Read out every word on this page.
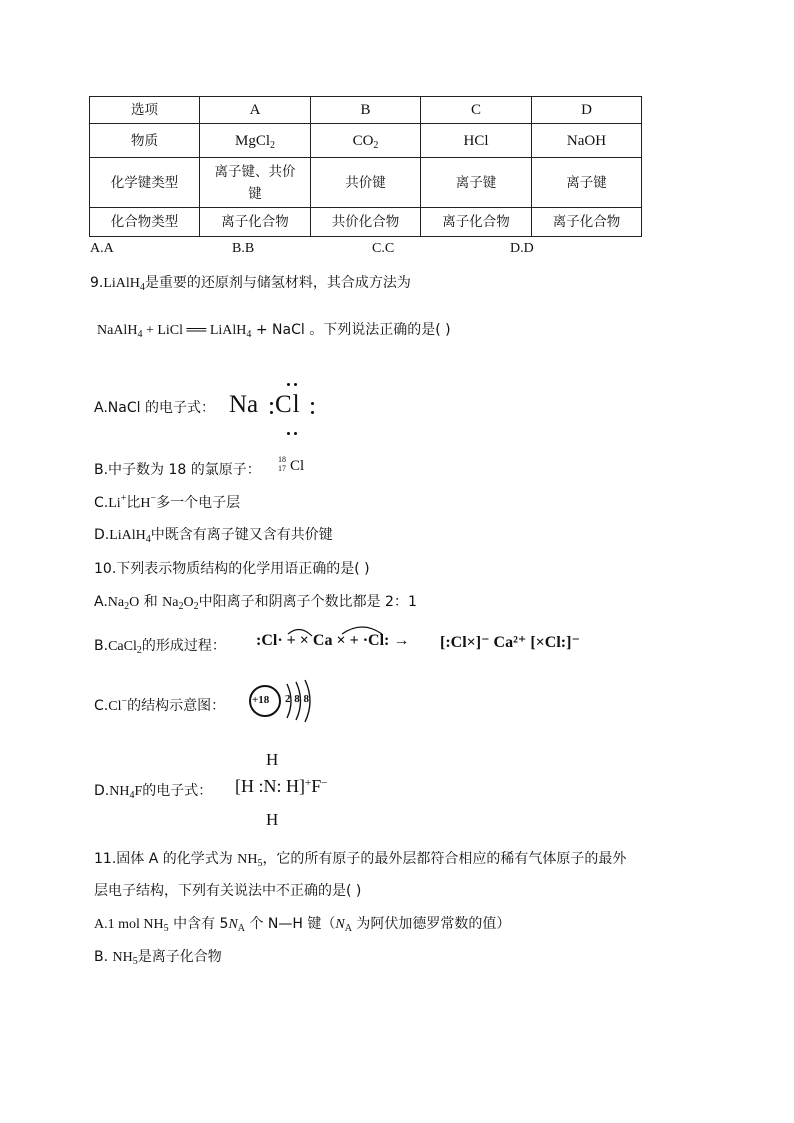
选项	A	B	C	D
物质	MgCl$_2$	$CO_2$	HCl	NaOH
化学键类型	离子键、共价键	共价键	离子键	离子键
化合物类型	离子化合物	共价化合物	离子化合物	离子化合物
A.A	B.B	C.C	D.D
9.LiAlH$_4$是重要的还原剂与储氢材料，其合成方法为
NaAlH$_4$ + LiCl ══ LiAlH$_4$ + NaCl 。下列说法正确的是( )
A.NaCl 的电子式： Na Cl
B.中子数为 18 的氯原子：
18
17 Cl
C.Li+比H−多一个电子层
D.LiAlH$_4$中既含有离子键又含有共价键
10.下列表示物质结构的化学用语正确的是( )
$A.Na_2O$ 和 $Na_2O_2$中阳离子和阴离子个数比都是 2：1
B.CaCl$_2$的形成过程： :Cl· + × Ca × + ·Cl: → [:Cl×]⁻ Ca²⁺ [×Cl:]⁻
C.Cl−的结构示意图： +18 2 8 8
H
$D.NH_4F$的电子式： [H :N: H]+F−
H
11.固体 A 的化学式为 $NH_5$，它的所有原子的最外层都符合相应的稀有气体原子的最外
层电子结构，下列有关说法中不正确的是( )
A.1 mol $NH_5$ 中含有 $5N_A$ 个 N—H 键（$N_A$ 为阿伏加德罗常数的值）
B. $NH_5$是离子化合物
